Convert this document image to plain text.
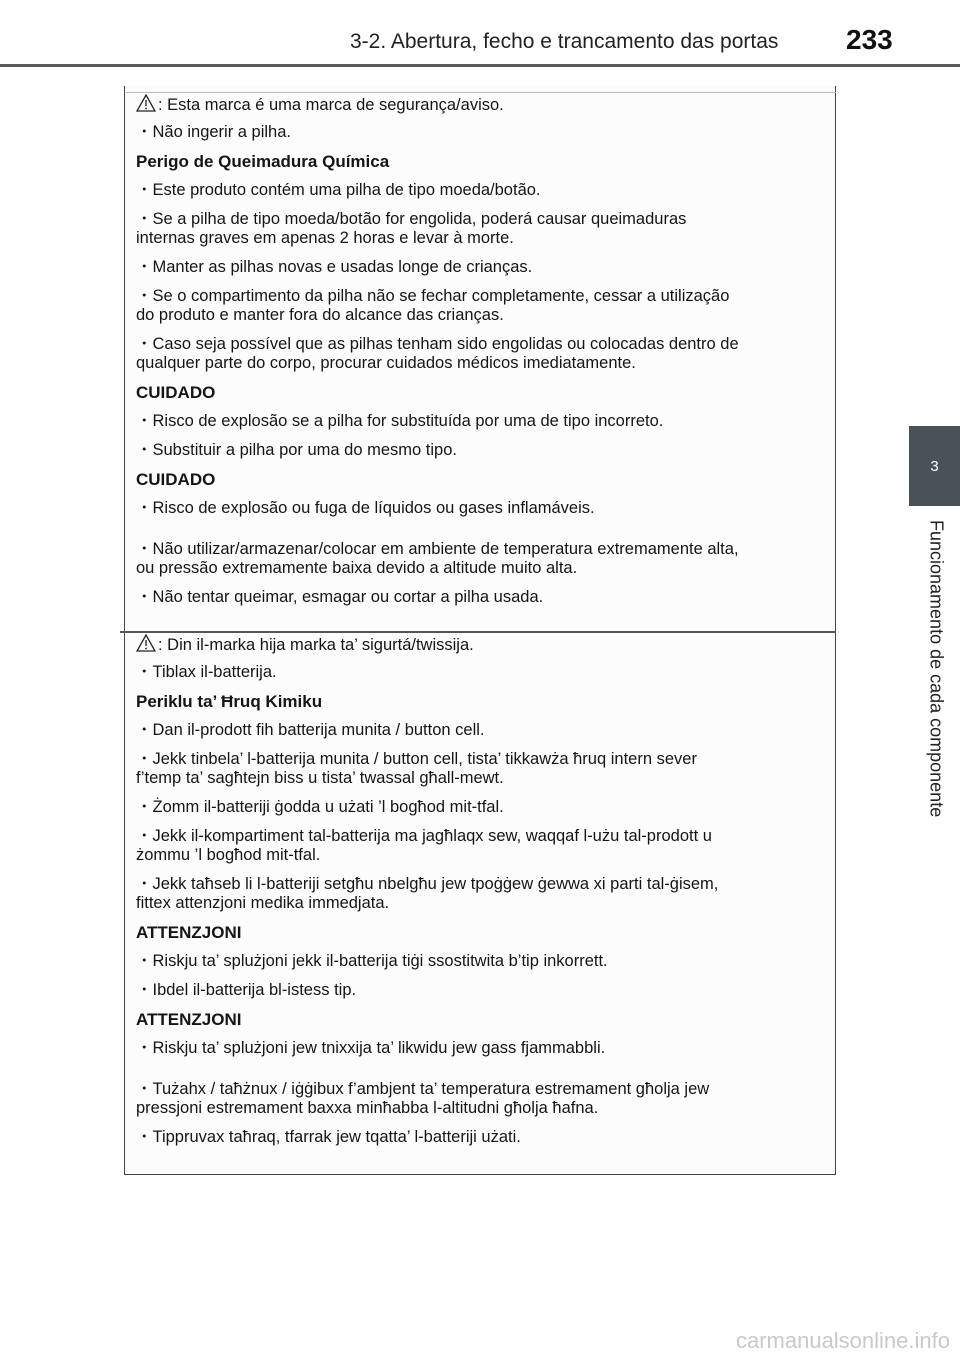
3-2. Abertura, fecho e trancamento das portas 233
3
Funcionamento de cada componente

: Esta marca é uma marca de segurança/aviso.

・Não ingerir a pilha.

Perigo de Queimadura Química

・Este produto contém uma pilha de tipo moeda/botão.

・Se a pilha de tipo moeda/botão for engolida, poderá causar queimaduras

internas graves em apenas 2 horas e levar à morte.

・Manter as pilhas novas e usadas longe de crianças.

・Se o compartimento da pilha não se fechar completamente, cessar a utilização

do produto e manter fora do alcance das crianças.

・Caso seja possível que as pilhas tenham sido engolidas ou colocadas dentro de

qualquer parte do corpo, procurar cuidados médicos imediatamente.

CUIDADO

・Risco de explosão se a pilha for substituída por uma de tipo incorreto.

・Substituir a pilha por uma do mesmo tipo.

CUIDADO

・Risco de explosão ou fuga de líquidos ou gases inflamáveis.

・Não utilizar/armazenar/colocar em ambiente de temperatura extremamente alta,

ou pressão extremamente baixa devido a altitude muito alta.

・Não tentar queimar, esmagar ou cortar a pilha usada.

: Din il-marka hija marka ta’ sigurtá/twissija.

・Tiblax il-batterija.

Periklu ta’ Ħruq Kimiku

・Dan il-prodott fih batterija munita / button cell.

・Jekk tinbela’ l-batterija munita / button cell, tista’ tikkawża ħruq intern sever

f’temp ta’ sagħtejn biss u tista’ twassal għall-mewt.

・Żomm il-batteriji ġodda u użati ’l bogħod mit-tfal.

・Jekk il-kompartiment tal-batterija ma jagħlaqx sew, waqqaf l-użu tal-prodott u

żommu ’l bogħod mit-tfal.

・Jekk taħseb li l-batteriji setgħu nbelgħu jew tpoġġew ġewwa xi parti tal-ġisem,

fittex attenzjoni medika immedjata.

ATTENZJONI

・Riskju ta’ splużjoni jekk il-batterija tiġi ssostitwita b’tip inkorrett.

・Ibdel il-batterija bl-istess tip.

ATTENZJONI

・Riskju ta’ splużjoni jew tnixxija ta’ likwidu jew gass fjammabbli.

・Tużahx / taħżnux / iġġibux f’ambjent ta’ temperatura estremament għolja jew

pressjoni estremament baxxa minħabba l-altitudni għolja ħafna.

・Tippruvax taħraq, tfarrak jew tqatta’ l-batteriji użati.

carmanualsonline.info
